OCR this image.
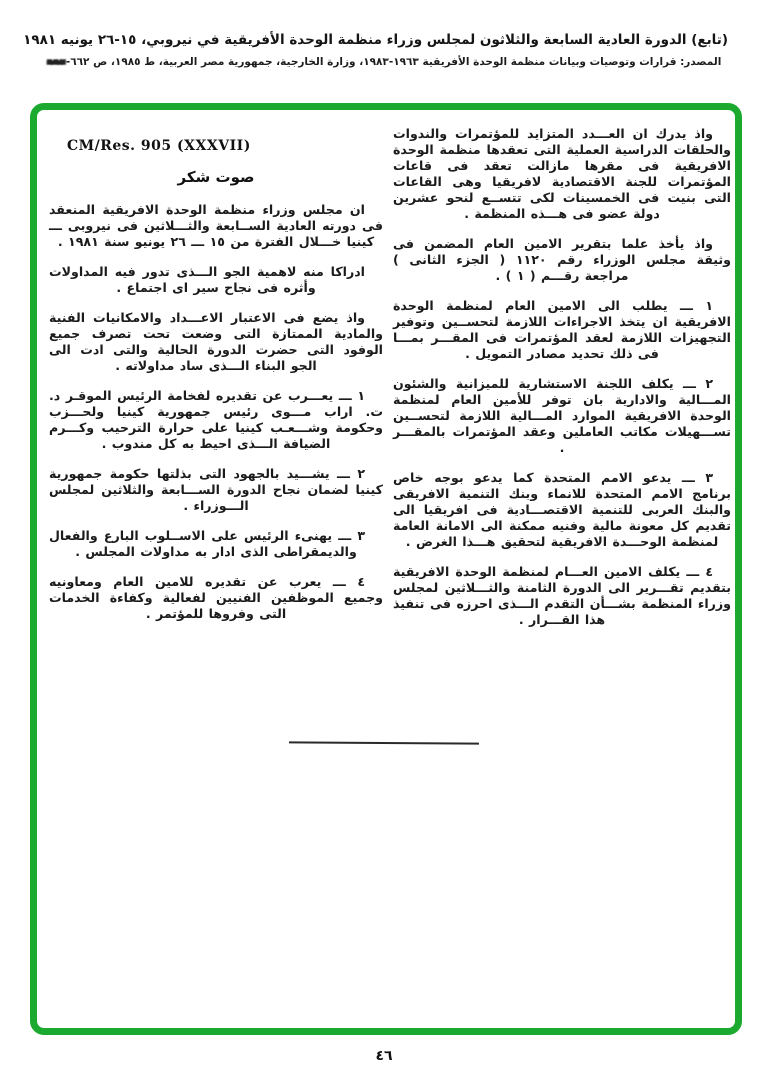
(تابع) الدورة العادية السابعة والثلاثون لمجلس وزراء منظمة الوحدة الأفريقية في نيروبي، ١٥-٢٦ يونيه ١٩٨١
المصدر: قرارات وتوصيات وبيانات منظمة الوحدة الأفريقية ١٩٦٣-١٩٨٣، وزارة الخارجية، جمهورية مصر العربية، ط ١٩٨٥، ص ٦٦٢-٦٦٣

واذ يدرك ان العـــدد المتزايد للمؤتمرات والندوات والحلقات الدراسية العملية التى تعقدها منظمة الوحدة الافريقية فى مقرها مازالت تعقد فى قاعات المؤتمرات للجنة الاقتصادية لافريقيا وهى القاعات التى بنيت فى الخمسينات لكى تتســع لنحو عشرين دولة عضو فى هـــذه المنظمة .

واذ يأخذ علما بتقرير الامين العام المضمن فى وثيقة مجلس الوزراء رقم ١١٢٠ ( الجزء الثانى ) مراجعة رقـــم ( ١ ) .

١ ـــ يطلب الى الامين العام لمنظمة الوحدة الافريقية ان يتخذ الاجراءات اللازمة لتحســين وتوفير التجهيزات اللازمة لعقد المؤتمرات فى المقـــر بمـــا فى ذلك تحديد مصادر التمويل .

٢ ـــ يكلف اللجنة الاستشارية للميزانية والشئون المـــالية والادارية بان توفر للأمين العام لمنظمة الوحدة الافريقية الموارد المـــالية اللازمة لتحســين تســـهيلات مكاتب العاملين وعقد المؤتمرات بالمقـــر .

٣ ـــ يدعو الامم المتحدة كما يدعو بوجه خاص برنامج الامم المتحدة للانماء وبنك التنمية الافريقى والبنك العربى للتنمية الاقتصـــادية فى افريقيا الى تقديم كل معونة مالية وفنيه ممكنة الى الامانة العامة لمنظمة الوحـــدة الافريقية لتحقيق هـــذا الغرض .

٤ ـــ يكلف الامين العـــام لمنظمة الوحدة الافريقية بتقديم تقـــرير الى الدورة الثامنة والثـــلاثين لمجلس وزراء المنظمة بشـــأن التقدم الـــذى احرزه فى تنفيذ هذا القـــرار .

CM/Res. 905 (XXXVII)
صوت شكر

ان مجلس وزراء منظمة الوحدة الافريقية المنعقد فى دورته العادية الســابعة والثـــلاثين فى نيروبى ـــ كينيا خـــلال الفترة من ١٥ ـــ ٢٦ يونيو سنة ١٩٨١ .

ادراكا منه لاهمية الجو الـــذى تدور فيه المداولات وأثره فى نجاح سير اى اجتماع .

واذ يضع فى الاعتبار الاعـــداد والامكانيات الفنية والمادية الممتازة التى وضعت تحت تصرف جميع الوفود التى حضرت الدورة الحالية والتى ادت الى الجو البناء الـــذى ساد مداولاته .

١ ـــ يعـــرب عن تقديره لفخامة الرئيس الموقـر د. ت. اراب مـــوى رئيس جمهورية كينيا ولحـــزب وحكومة وشـــعـب كينيا على حرارة الترحيب وكـــرم الضيافة الـــذى احيط به كل مندوب .

٢ ـــ يشـــيد بالجهود التى بذلتها حكومة جمهورية كينيا لضمان نجاح الدورة الســـابعة والثلاثين لمجلس الـــوزراء .

٣ ـــ يهنىء الرئيس على الاســلوب البارع والفعال والديمقراطى الذى ادار به مداولات المجلس .

٤ ـــ يعرب عن تقديره للامين العام ومعاونيه وجميع الموظفين الفنيين لفعالية وكفاءة الخدمات التى وفروها للمؤتمر .

٤٦
